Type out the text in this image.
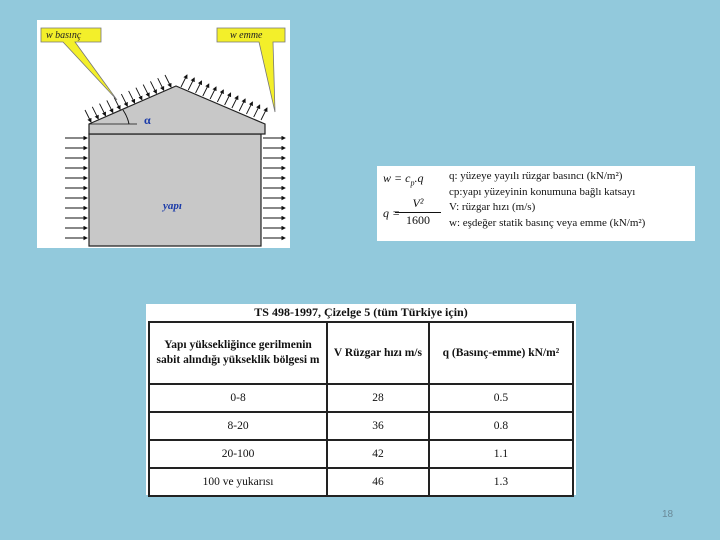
α
w basınç	w emme
yapı
$w = c_p.q$
q =
$\frac{\text{V²}}{1600}$
q: yüzeye yayılı rüzgar basıncı (kN/m²)
cp:yapı yüzeyinin konumuna bağlı katsayı
V: rüzgar hızı (m/s)
w: eşdeğer statik basınç veya emme (kN/m²)
TS 498-1997, Çizelge 5 (tüm Türkiye için)
Yapı yüksekliğince gerilmenin sabit alındığı yükseklik bölgesi m	V Rüzgar hızı m/s	q (Basınç-emme) kN/m²
0-8	28	0.5
8-20	36	0.8
20-100	42	1.1
100 ve yukarısı	46	1.3
18
